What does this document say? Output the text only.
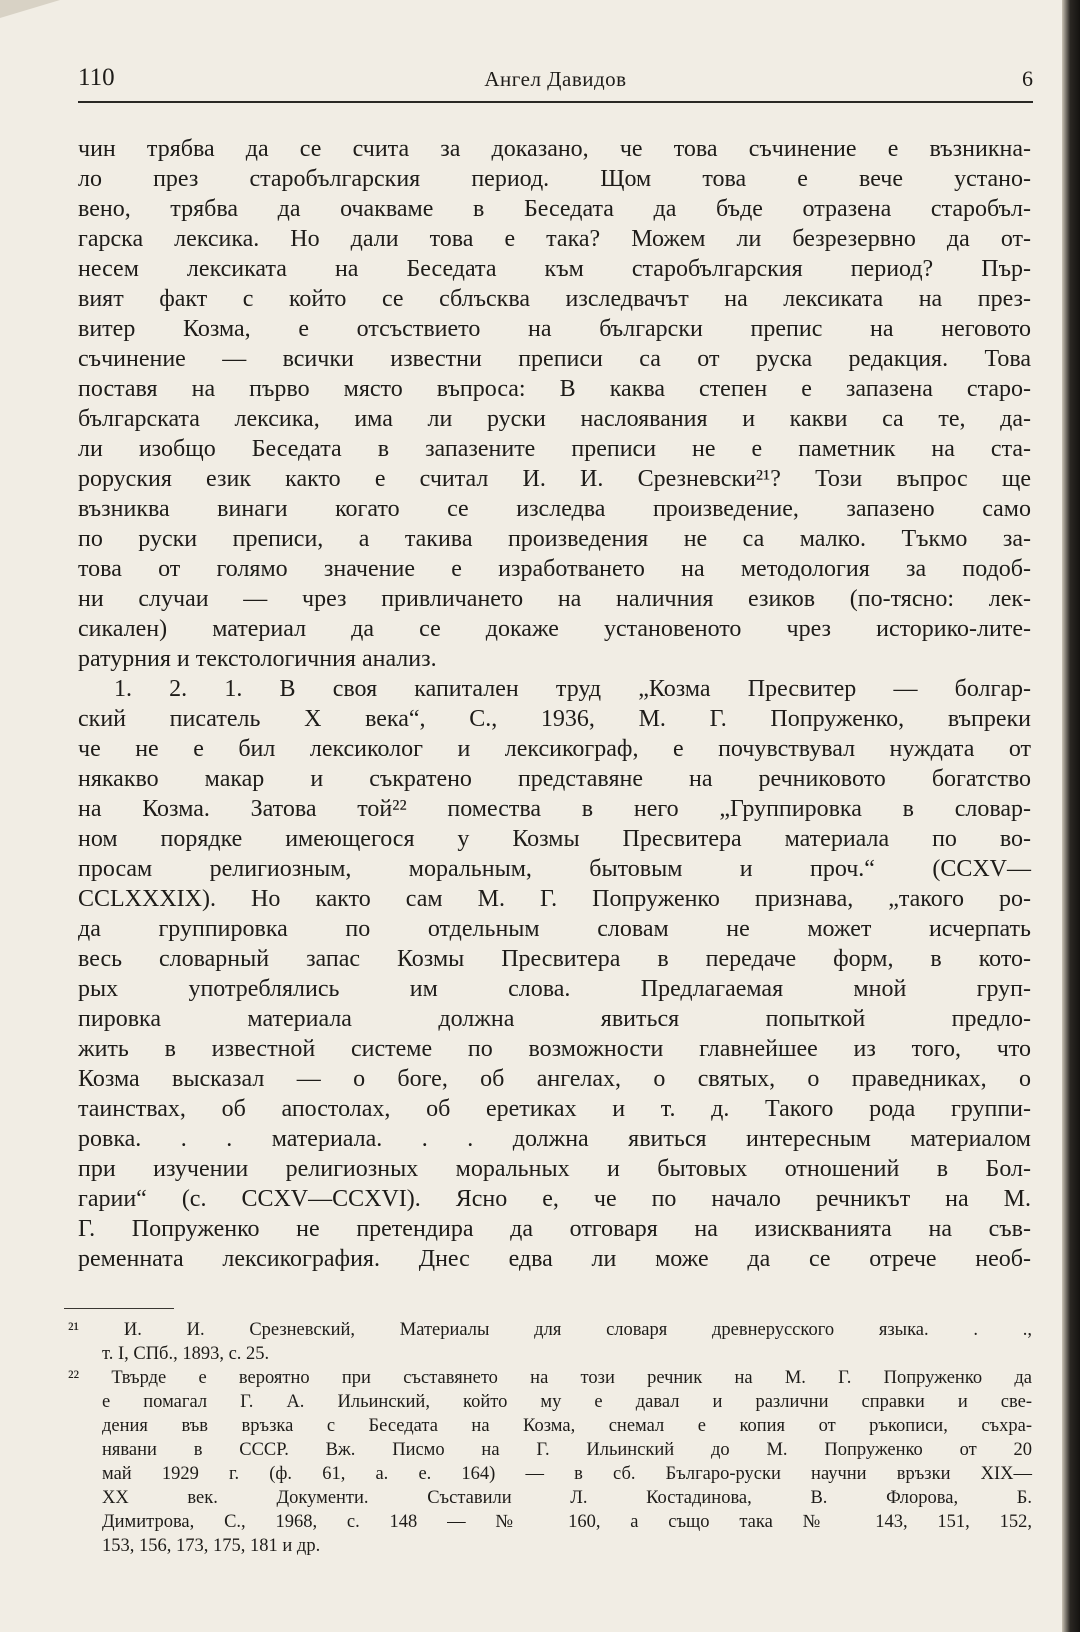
110	Ангел Давидов	6
чин трябва да се счита за доказано, че това съчинение е възникна-
ло през старобългарския период. Щом това е вече устано-
вено, трябва да очакваме в Беседата да бъде отразена старобъл-
гарска лексика. Но дали това е така? Можем ли безрезервно да от-
несем лексиката на Беседата към старобългарския период? Пър-
вият факт с който се сблъсква изследвачът на лексиката на през-
витер Козма, е отсъствието на български препис на неговото
съчинение — всички известни преписи са от руска редакция. Това
поставя на първо място въпроса: В каква степен е запазена старо-
българската лексика, има ли руски наслоявания и какви са те, да-
ли изобщо Беседата в запазените преписи не е паметник на ста-
роруския език както е считал И. И. Срезневски²¹? Този въпрос ще
възниква винаги когато се изследва произведение, запазено само
по руски преписи, а такива произведения не са малко. Тъкмо за-
това от голямо значение е изработването на методология за подоб-
ни случаи — чрез привличането на наличния езиков (по-тясно: лек-
сикален) материал да се докаже установеното чрез историко-лите-
ратурния и текстологичния анализ.
1. 2. 1. В своя капитален труд „Козма Пресвитер — болгар-
ский писатель X века“, С., 1936, М. Г. Попруженко, въпреки
че не е бил лексиколог и лексикограф, е почувствувал нуждата от
някакво макар и съкратено представяне на речниковото богатство
на Козма. Затова той²² помества в него „Группировка в словар-
ном порядке имеющегося у Козмы Пресвитера материала по во-
просам религиозным, моральным, бытовым и проч.“ (CCXV—
CCLXXXIX). Но както сам М. Г. Попруженко признава, „такого ро-
да группировка по отдельным словам не может исчерпать
весь словарный запас Козмы Пресвитера в передаче форм, в кото-
рых употреблялись им слова. Предлагаемая мной груп-
пировка материала должна явиться попыткой предло-
жить в известной системе по возможности главнейшее из того, что
Козма высказал — о боге, об ангелах, о святых, о праведниках, о
таинствах, об апостолах, об еретиках и т. д. Такого рода группи-
ровка. . . материала. . . должна явиться интересным материалом
при изучении религиозных моральных и бытовых отношений в Бол-
гарии“ (с. CCXV—CCXVI). Ясно е, че по начало речникът на М.
Г. Попруженко не претендира да отговаря на изискванията на съв-
ременната лексикография. Днес едва ли може да се отрече необ-
²¹ И. И. Срезневский, Материалы для словаря древнерусского языка. . .,
т. I, СПб., 1893, с. 25.
²² Твърде е вероятно при съставянето на този речник на М. Г. Попруженко да
е помагал Г. А. Ильинский, който му е давал и различни справки и све-
дения във връзка с Беседата на Козма, снемал е копия от ръкописи, съхра-
нявани в СССР. Вж. Писмо на Г. Ильинский до М. Попруженко от 20
май 1929 г. (ф. 61, а. е. 164) — в сб. Българо-руски научни връзки XIX—
XX век. Документи. Съставили Л. Костадинова, В. Флорова, Б.
Димитрова, С., 1968, с. 148 — № 160, а също така № 143, 151, 152,
153, 156, 173, 175, 181 и др.
